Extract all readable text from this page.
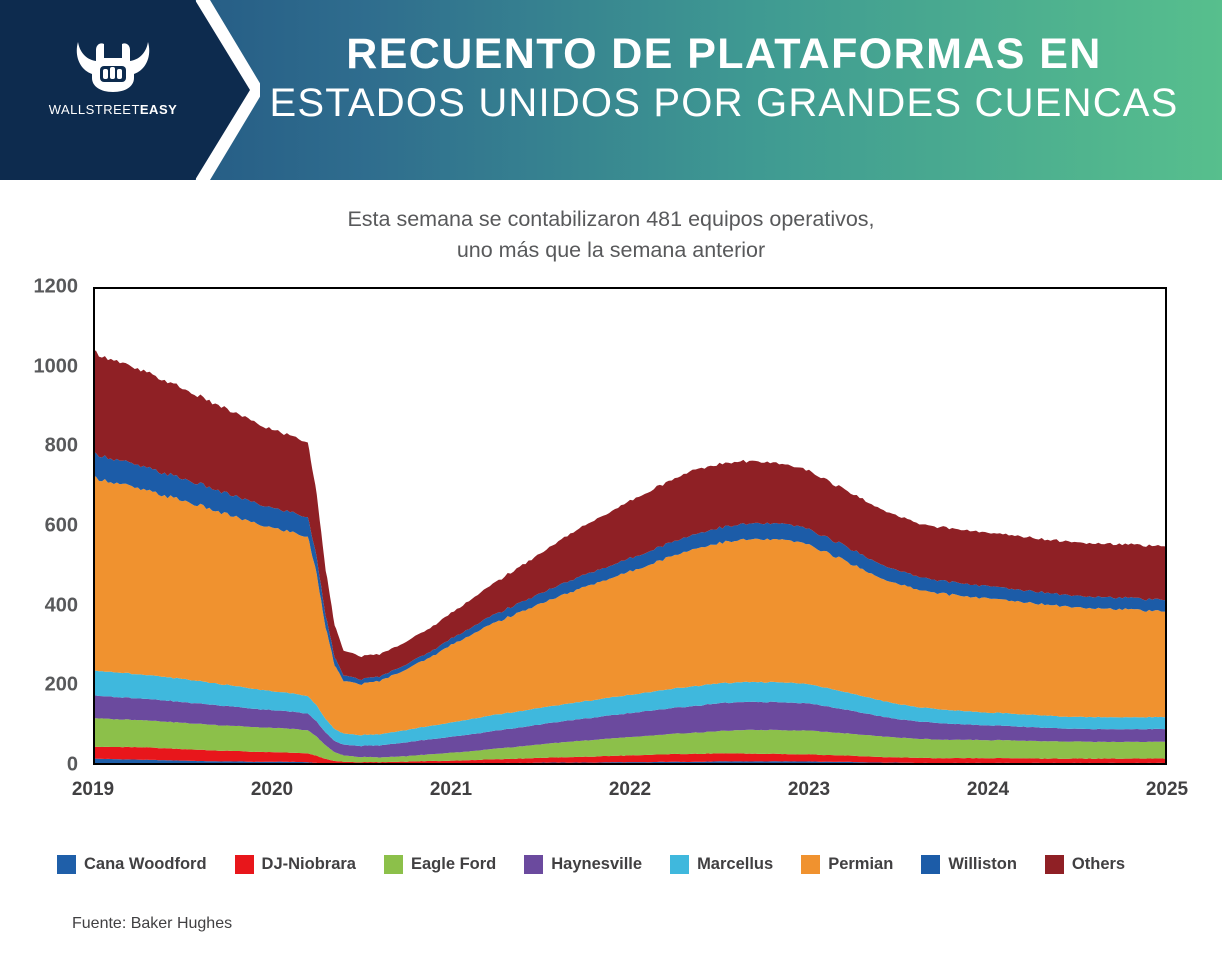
WALLSTREETEASY
RECUENTO DE PLATAFORMAS EN
ESTADOS UNIDOS POR GRANDES CUENCAS
Esta semana se contabilizaron 481 equipos operativos,
uno más que la semana anterior
0
200
400
600
800
1000
1200
2019	2020	2021	2022	2023	2024	2025
Cana Woodford	DJ-Niobrara	Eagle Ford	Haynesville	Marcellus	Permian	Williston	Others
Fuente: Baker Hughes
